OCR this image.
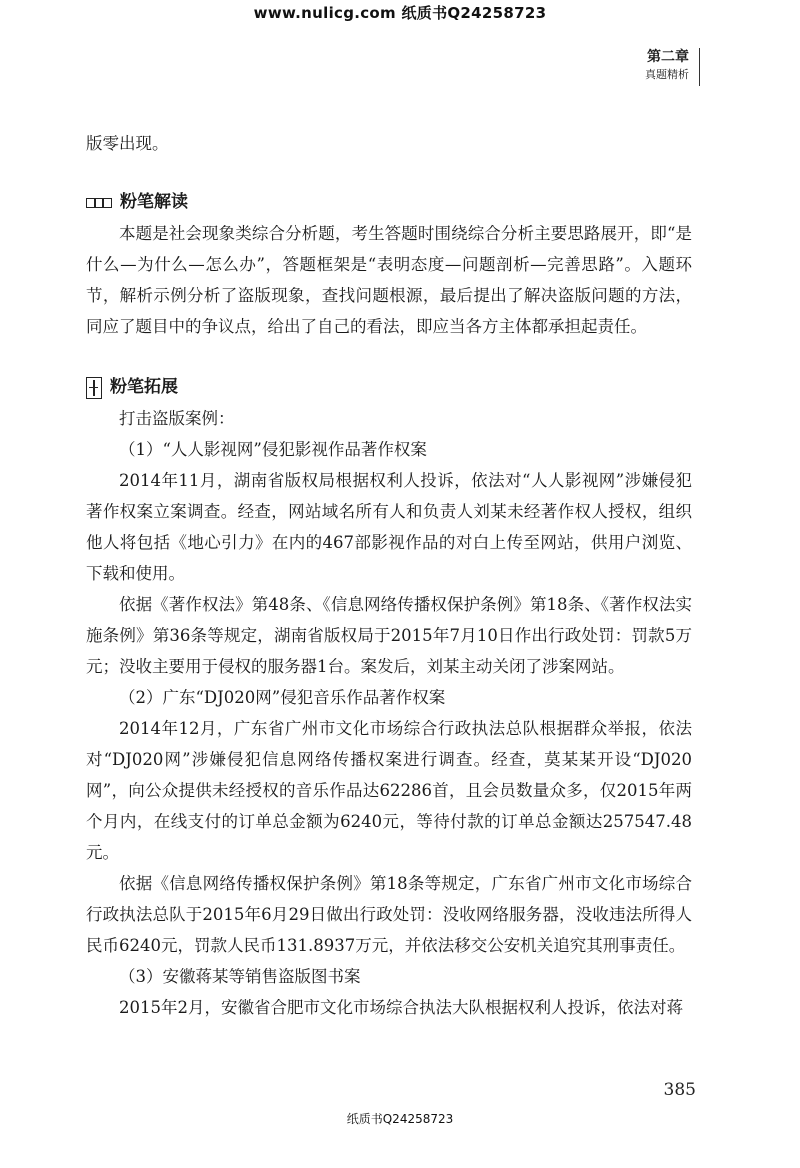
www.nulicg.com 纸质书Q24258723
第二章
真题精析

版零出现。

粉笔解读

本题是社会现象类综合分析题，考生答题时围绕综合分析主要思路展开，即“是什么—为什么—怎么办”，答题框架是“表明态度—问题剖析—完善思路”。入题环节，解析示例分析了盗版现象，查找问题根源，最后提出了解决盗版问题的方法，同应了题目中的争议点，给出了自己的看法，即应当各方主体都承担起责任。

粉笔拓展

打击盗版案例：

（1）“人人影视网”侵犯影视作品著作权案

2014年11月，湖南省版权局根据权利人投诉，依法对“人人影视网”涉嫌侵犯著作权案立案调查。经查，网站域名所有人和负责人刘某未经著作权人授权，组织他人将包括《地心引力》在内的467部影视作品的对白上传至网站，供用户浏览、下载和使用。

依据《著作权法》第48条、《信息网络传播权保护条例》第18条、《著作权法实施条例》第36条等规定，湖南省版权局于2015年7月10日作出行政处罚：罚款5万元；没收主要用于侵权的服务器1台。案发后，刘某主动关闭了涉案网站。

（2）广东“DJ020网”侵犯音乐作品著作权案

2014年12月，广东省广州市文化市场综合行政执法总队根据群众举报，依法对“DJ020网”涉嫌侵犯信息网络传播权案进行调查。经查，莫某某开设“DJ020网”，向公众提供未经授权的音乐作品达62286首，且会员数量众多，仅2015年两个月内，在线支付的订单总金额为6240元，等待付款的订单总金额达257547.48元。

依据《信息网络传播权保护条例》第18条等规定，广东省广州市文化市场综合行政执法总队于2015年6月29日做出行政处罚：没收网络服务器，没收违法所得人民币6240元，罚款人民币131.8937万元，并依法移交公安机关追究其刑事责任。

（3）安徽蒋某等销售盗版图书案

2015年2月，安徽省合肥市文化市场综合执法大队根据权利人投诉，依法对蒋

385
纸质书Q24258723
